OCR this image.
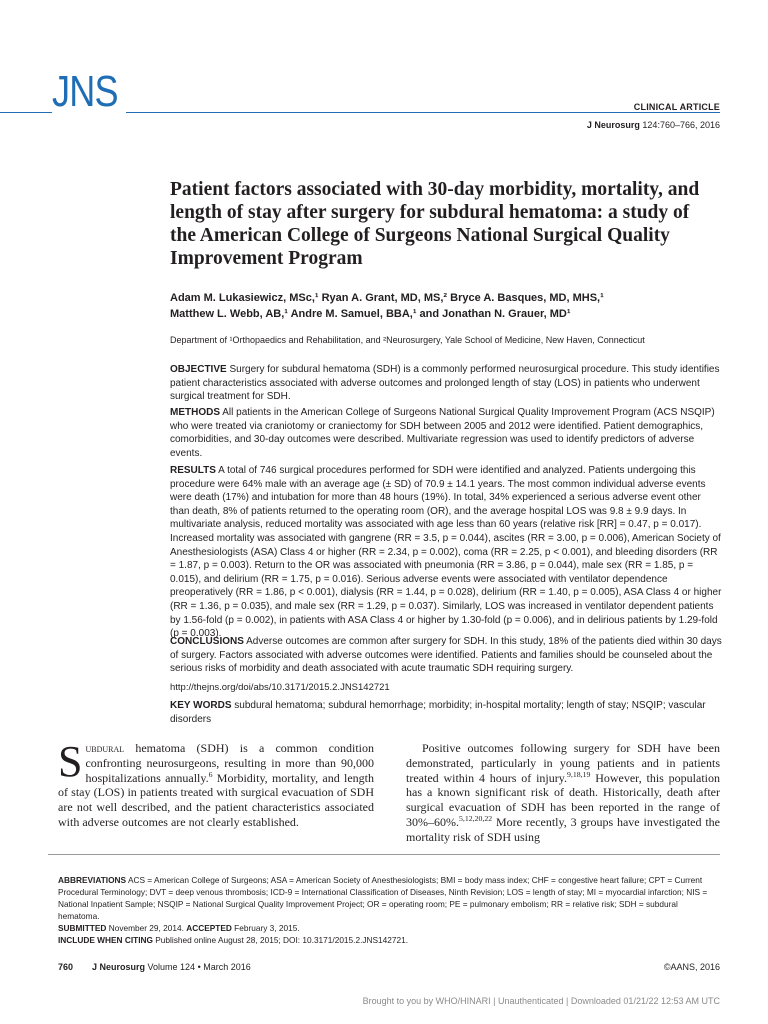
JNS	CLINICAL ARTICLE
J Neurosurg 124:760–766, 2016
Patient factors associated with 30-day morbidity, mortality, and length of stay after surgery for subdural hematoma: a study of the American College of Surgeons National Surgical Quality Improvement Program
Adam M. Lukasiewicz, MSc,¹ Ryan A. Grant, MD, MS,² Bryce A. Basques, MD, MHS,¹
Matthew L. Webb, AB,¹ Andre M. Samuel, BBA,¹ and Jonathan N. Grauer, MD¹
Department of ¹Orthopaedics and Rehabilitation, and ²Neurosurgery, Yale School of Medicine, New Haven, Connecticut
OBJECTIVE Surgery for subdural hematoma (SDH) is a commonly performed neurosurgical procedure. This study identifies patient characteristics associated with adverse outcomes and prolonged length of stay (LOS) in patients who underwent surgical treatment for SDH.
METHODS All patients in the American College of Surgeons National Surgical Quality Improvement Program (ACS NSQIP) who were treated via craniotomy or craniectomy for SDH between 2005 and 2012 were identified. Patient demographics, comorbidities, and 30-day outcomes were described. Multivariate regression was used to identify predictors of adverse events.
RESULTS A total of 746 surgical procedures performed for SDH were identified and analyzed. Patients undergoing this procedure were 64% male with an average age (± SD) of 70.9 ± 14.1 years. The most common individual adverse events were death (17%) and intubation for more than 48 hours (19%). In total, 34% experienced a serious adverse event other than death, 8% of patients returned to the operating room (OR), and the average hospital LOS was 9.8 ± 9.9 days. In multivariate analysis, reduced mortality was associated with age less than 60 years (relative risk [RR] = 0.47, p = 0.017). Increased mortality was associated with gangrene (RR = 3.5, p = 0.044), ascites (RR = 3.00, p = 0.006), American Society of Anesthesiologists (ASA) Class 4 or higher (RR = 2.34, p = 0.002), coma (RR = 2.25, p < 0.001), and bleeding disorders (RR = 1.87, p = 0.003). Return to the OR was associated with pneumonia (RR = 3.86, p = 0.044), male sex (RR = 1.85, p = 0.015), and delirium (RR = 1.75, p = 0.016). Serious adverse events were associated with ventilator dependence preoperatively (RR = 1.86, p < 0.001), dialysis (RR = 1.44, p = 0.028), delirium (RR = 1.40, p = 0.005), ASA Class 4 or higher (RR = 1.36, p = 0.035), and male sex (RR = 1.29, p = 0.037). Similarly, LOS was increased in ventilator dependent patients by 1.56-fold (p = 0.002), in patients with ASA Class 4 or higher by 1.30-fold (p = 0.006), and in delirious patients by 1.29-fold (p = 0.003).
CONCLUSIONS Adverse outcomes are common after surgery for SDH. In this study, 18% of the patients died within 30 days of surgery. Factors associated with adverse outcomes were identified. Patients and families should be counseled about the serious risks of morbidity and death associated with acute traumatic SDH requiring surgery.
http://thejns.org/doi/abs/10.3171/2015.2.JNS142721
KEY WORDS subdural hematoma; subdural hemorrhage; morbidity; in-hospital mortality; length of stay; NSQIP; vascular disorders
Subdural hematoma (SDH) is a common condition confronting neurosurgeons, resulting in more than 90,000 hospitalizations annually.$^6$ Morbidity, mortality, and length of stay (LOS) in patients treated with surgical evacuation of SDH are not well described, and the patient characteristics associated with adverse outcomes are not clearly established.
Positive outcomes following surgery for SDH have been demonstrated, particularly in young patients and in patients treated within 4 hours of injury.$^{9,18,19}$ However, this population has a known significant risk of death. Historically, death after surgical evacuation of SDH has been reported in the range of 30%–60%.$^{5,12,20,22}$ More recently, 3 groups have investigated the mortality risk of SDH using
ABBREVIATIONS ACS = American College of Surgeons; ASA = American Society of Anesthesiologists; BMI = body mass index; CHF = congestive heart failure; CPT = Current Procedural Terminology; DVT = deep venous thrombosis; ICD-9 = International Classification of Diseases, Ninth Revision; LOS = length of stay; MI = myocardial infarction; NIS = National Inpatient Sample; NSQIP = National Surgical Quality Improvement Project; OR = operating room; PE = pulmonary embolism; RR = relative risk; SDH = subdural hematoma.
SUBMITTED November 29, 2014. ACCEPTED February 3, 2015.
INCLUDE WHEN CITING Published online August 28, 2015; DOI: 10.3171/2015.2.JNS142721.
760 J Neurosurg Volume 124 • March 2016	©AANS, 2016
Brought to you by WHO/HINARI | Unauthenticated | Downloaded 01/21/22 12:53 AM UTC
